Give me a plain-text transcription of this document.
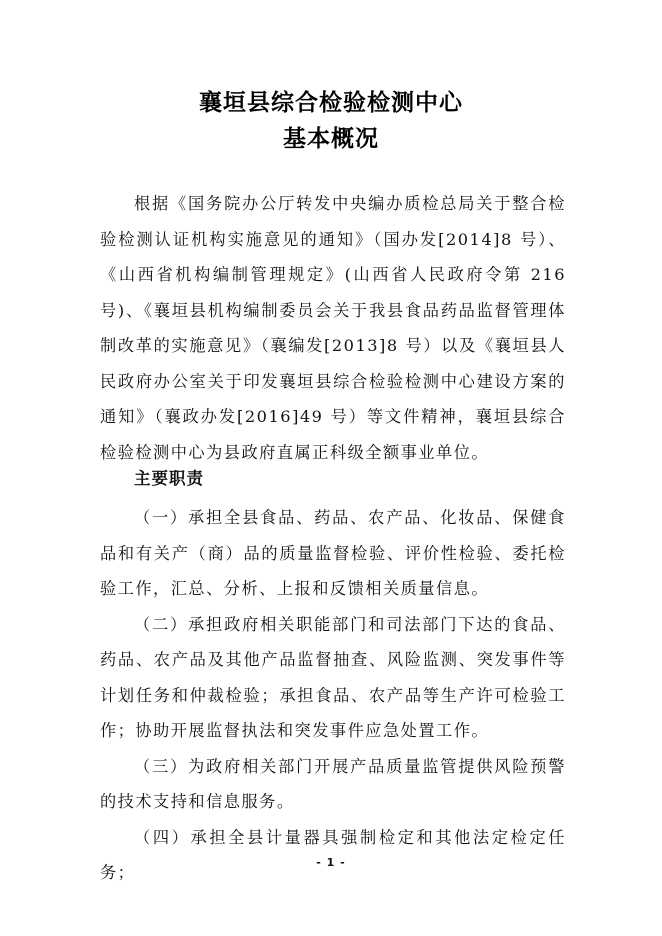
襄垣县综合检验检测中心
基本概况

根据《国务院办公厅转发中央编办质检总局关于整合检验检测认证机构实施意见的通知》（国办发[2014]8 号）、《山西省机构编制管理规定》(山西省人民政府令第 216 号)、《襄垣县机构编制委员会关于我县食品药品监督管理体制改革的实施意见》（襄编发[2013]8 号）以及《襄垣县人民政府办公室关于印发襄垣县综合检验检测中心建设方案的通知》（襄政办发[2016]49 号）等文件精神，襄垣县综合检验检测中心为县政府直属正科级全额事业单位。

主要职责

（一）承担全县食品、药品、农产品、化妆品、保健食品和有关产（商）品的质量监督检验、评价性检验、委托检验工作，汇总、分析、上报和反馈相关质量信息。

（二）承担政府相关职能部门和司法部门下达的食品、药品、农产品及其他产品监督抽查、风险监测、突发事件等计划任务和仲裁检验；承担食品、农产品等生产许可检验工作；协助开展监督执法和突发事件应急处置工作。

（三）为政府相关部门开展产品质量监管提供风险预警的技术支持和信息服务。

（四）承担全县计量器具强制检定和其他法定检定任务；

- 1 -
